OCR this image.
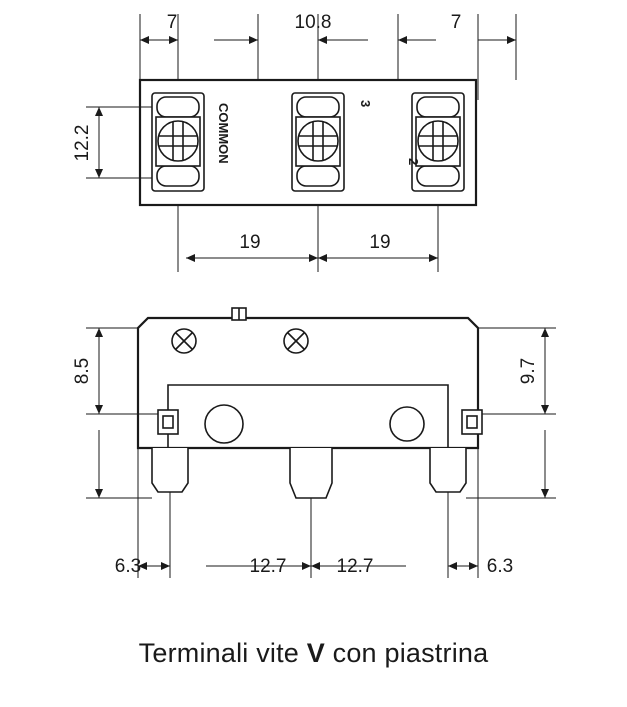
7	10.8	7
COMMON	3
2
12.2
19	19
8.5	9.7
6.3	12.7	12.7	6.3
Terminali vite V con piastrina
